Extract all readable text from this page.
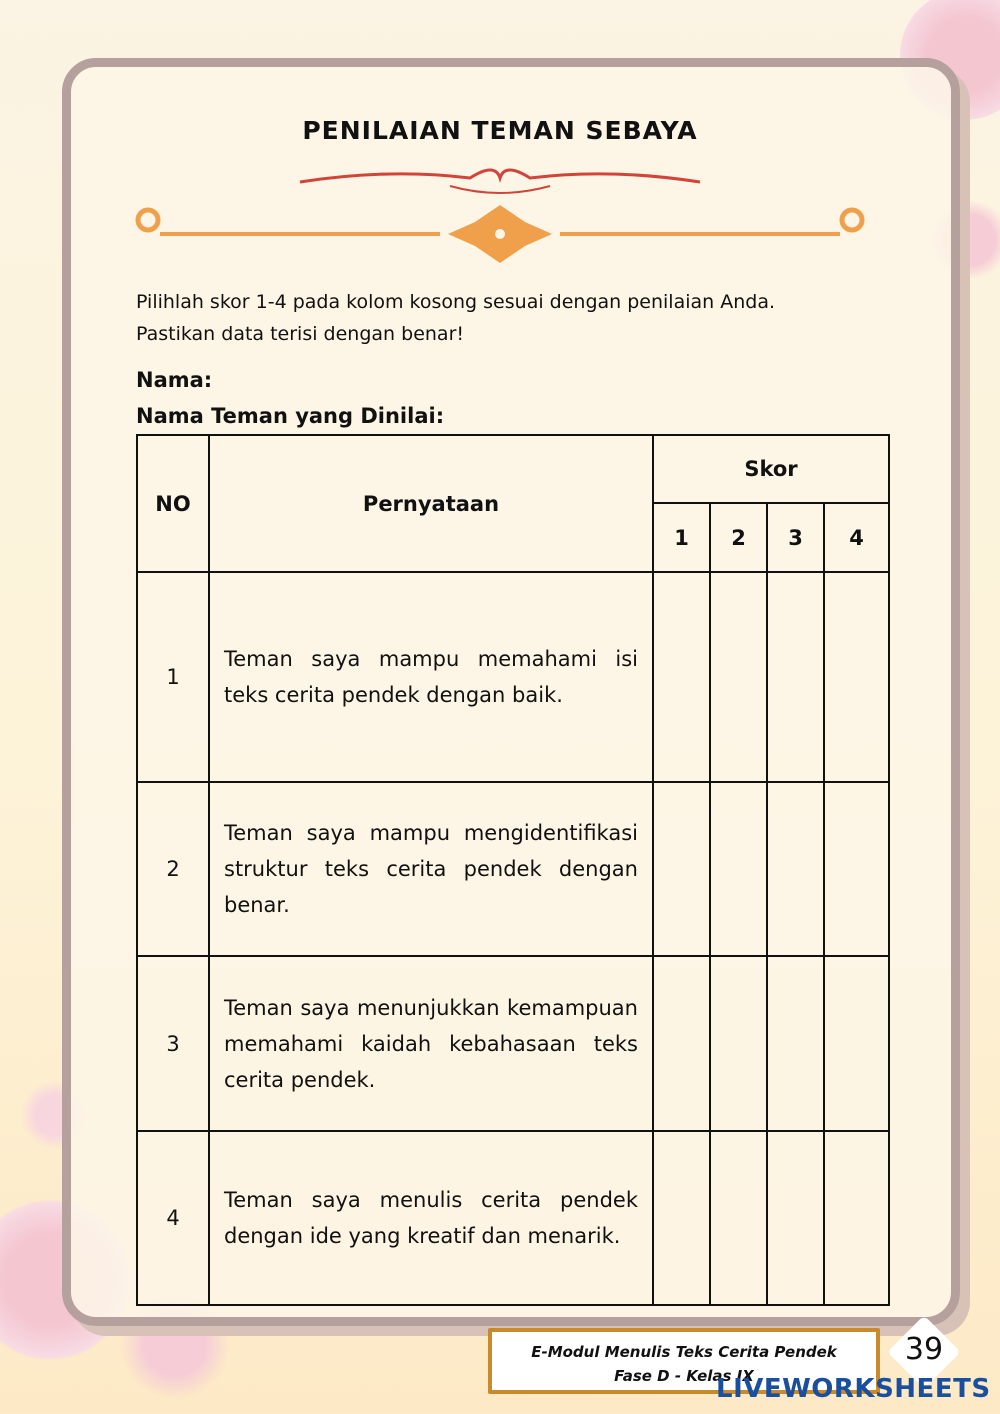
PENILAIAN TEMAN SEBAYA
Pilihlah skor 1-4 pada kolom kosong sesuai dengan penilaian Anda.
Pastikan data terisi dengan benar!
Nama:
Nama Teman yang Dinilai:
NO	Pernyataan	Skor			
		1	2	3	4
1	Teman saya mampu memahami isi teks cerita pendek dengan baik.				
2	Teman saya mampu mengidentifikasi struktur teks cerita pendek dengan benar.				
3	Teman saya menunjukkan kemampuan memahami kaidah kebahasaan teks cerita pendek.				
4	Teman saya menulis cerita pendek dengan ide yang kreatif dan menarik.				
E-Modul Menulis Teks Cerita Pendek
Fase D - Kelas IX
39
LIVEWORKSHEETS
